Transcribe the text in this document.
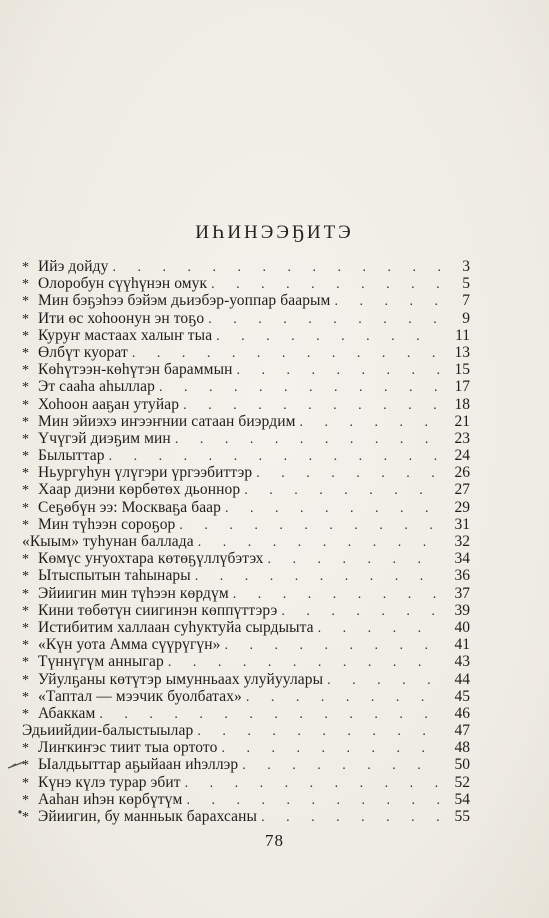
ИҺИНЭЭҔИТЭ
* Ийэ дойду . . .	3
* Олоробун сүүһүнэн омук . . .	5
* Мин бэҕэһээ бэйэм дьиэбэр-уоппар баарым . . .	7
* Ити өс хоһоонун эн тоҕо . . .	9
* Куруҥ мастаах халыҥ тыа . . .	11
* Өлбүт куорат . . .	13
* Көһүтээн-көһүтэн бараммын . . .	15
* Эт сааһа аһыллар . . .	17
* Хоһоон ааҕан утуйар . . .	18
* Мин эйиэхэ иҥээҥнии сатаан биэрдим . . .	21
* Үчүгэй диэҕим мин . . .	23
* Былыттар . . .	24
* Ньургуһун үлүгэри үргээбиттэр . . .	26
* Хаар диэни көрбөтөх дьоннор . . .	27
* Сеҕөбүн ээ: Москваҕа баар . . .	29
* Мин түһээн сороҕор . . .	31
«Кыым» туһунан баллада . . .	32
* Көмүс уҥуохтара көтөҕүллүбэтэх . . .	34
* Ытыспытын таһынары . . .	36
* Эйиигин мин түһээн көрдүм . . .	37
* Кини төбөтүн сиигинэн көппүттэрэ . . .	39
* Истибитим халлаан суһуктуйа сырдыыта . . .	40
* «Күн уота Амма сүүрүгүн» . . .	41
* Түннүгүм анныгар . . .	43
* Уйулҕаны көтүтэр ымунньаах улуйуулары . . .	44
* «Таптал — мээчик буолбатах» . . .	45
* Абаккам . . .	46
Эдьиийдии-балыстыылар . . .	47
* Лиҥкиҥэс тиит тыа ортото . . .	48
* Ыалдьыттар аҕыйаан иһэллэр . . .	50
* Күнэ күлэ турар эбит . . .	52
* Ааһан иһэн көрбүтүм . . .	54
* Эйиигин, бу манньык барахсаны . . .	55
78
